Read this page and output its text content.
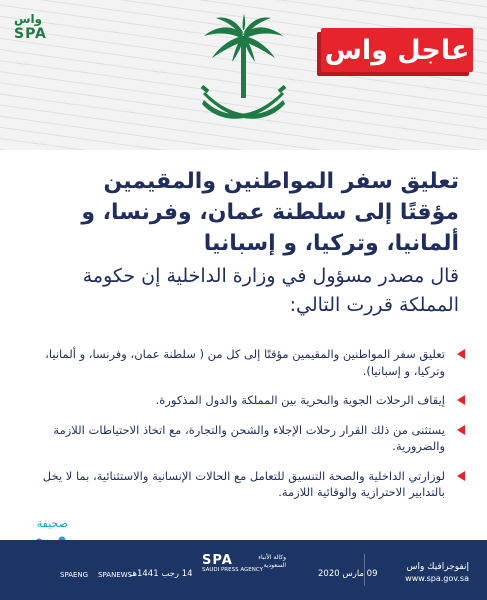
واس
SPA
عاجل واس
تعليق سفر المواطنين والمقيمين مؤقتًا إلى سلطنة عمان، وفرنسا، و ألمانيا، وتركيا، و إسبانيا
قال مصدر مسؤول في وزارة الداخلية إن حكومة المملكة قررت التالي:
تعليق سفر المواطنين والمقيمين مؤقتًا إلى كل من ( سلطنة عمان، وفرنسا، و ألمانيا، وتركيا، و إسبانيا).
إيقاف الرحلات الجوية والبحرية بين المملكة والدول المذكورة.
يستثنى من ذلك القرار رحلات الإجلاء والشحن والتجارة، مع اتخاذ الاحتياطات اللازمة والضرورية.
لوزارتي الداخلية والصحة التنسيق للتعامل مع الحالات الإنسانية والاستثنائية، بما لا يخل بالتدابير الاحترازية والوقائية اللازمة.
صحيفة
SPAENG SPANEWS
14 رجب 1441هـ
SPA
SAUDI PRESS AGENCY
وكالة الأنباء السعودية
09 مارس 2020
إنفوجرافيك واس
www.spa.gov.sa
